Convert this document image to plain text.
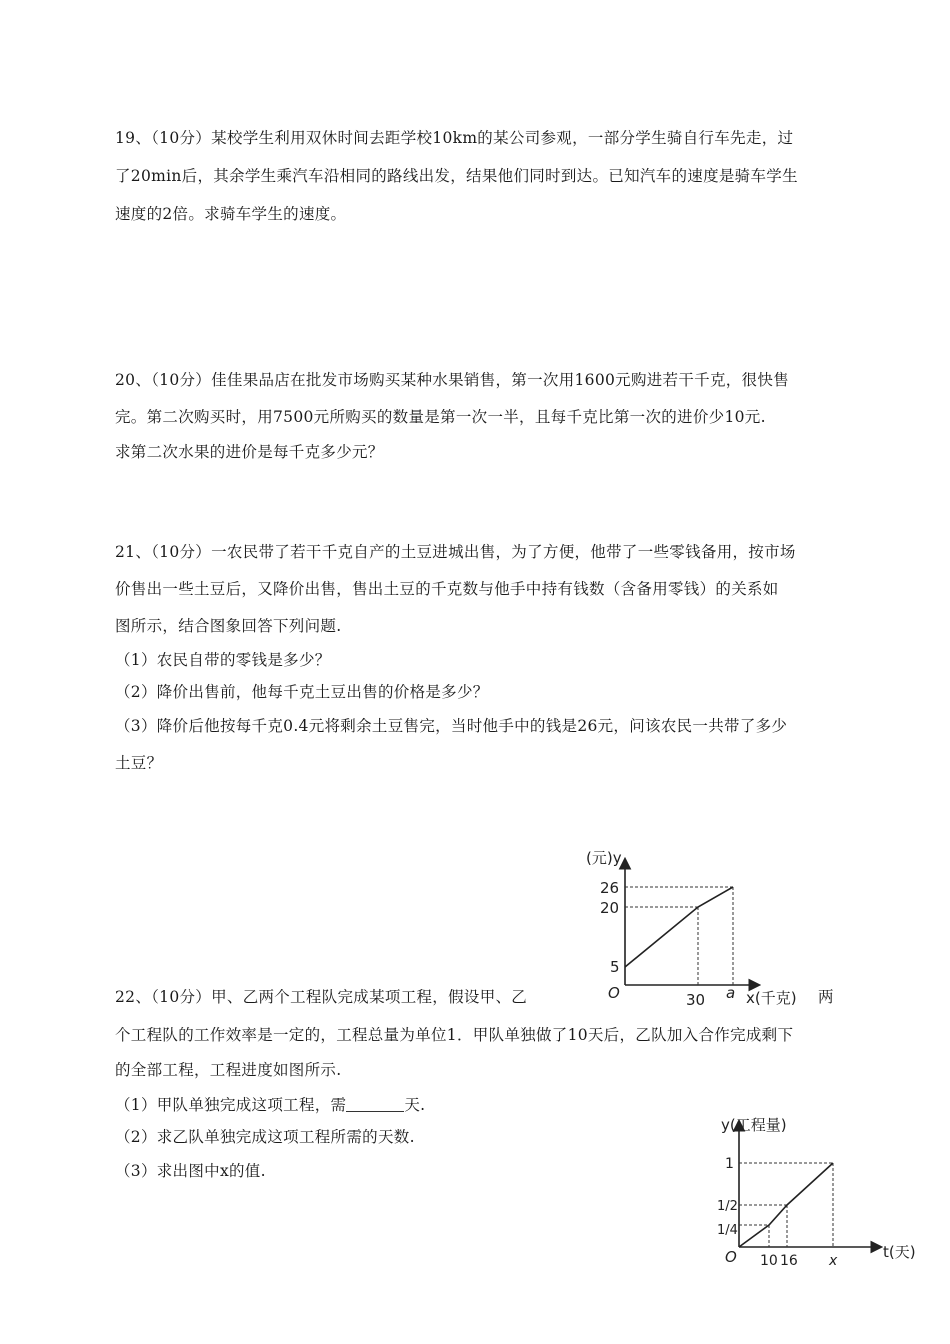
19、（10分）某校学生利用双休时间去距学校10km的某公司参观，一部分学生骑自行车先走，过
了20min后，其余学生乘汽车沿相同的路线出发，结果他们同时到达。已知汽车的速度是骑车学生
速度的2倍。求骑车学生的速度。
20、（10分）佳佳果品店在批发市场购买某种水果销售，第一次用1600元购进若干千克，很快售
完。第二次购买时，用7500元所购买的数量是第一次一半，且每千克比第一次的进价少10元.
求第二次水果的进价是每千克多少元？
21、（10分）一农民带了若干千克自产的土豆进城出售，为了方便，他带了一些零钱备用，按市场
价售出一些土豆后，又降价出售，售出土豆的千克数与他手中持有钱数（含备用零钱）的关系如
图所示，结合图象回答下列问题.
（1）农民自带的零钱是多少？
（2）降价出售前，他每千克土豆出售的价格是多少？
（3）降价后他按每千克0.4元将剩余土豆售完，当时他手中的钱是26元，问该农民一共带了多少
土豆？
(元)y
26
20
5
O	30 a x(千克)
22、（10分）甲、乙两个工程队完成某项工程，假设甲、乙	两
个工程队的工作效率是一定的，工程总量为单位1．甲队单独做了10天后，乙队加入合作完成剩下
的全部工程，工程进度如图所示.
（1）甲队单独完成这项工程，需	天.
（2）求乙队单独完成这项工程所需的天数.
（3）求出图中x的值.
y(工程量)
1
1/2
1/4
O 10 16 x	t(天)
